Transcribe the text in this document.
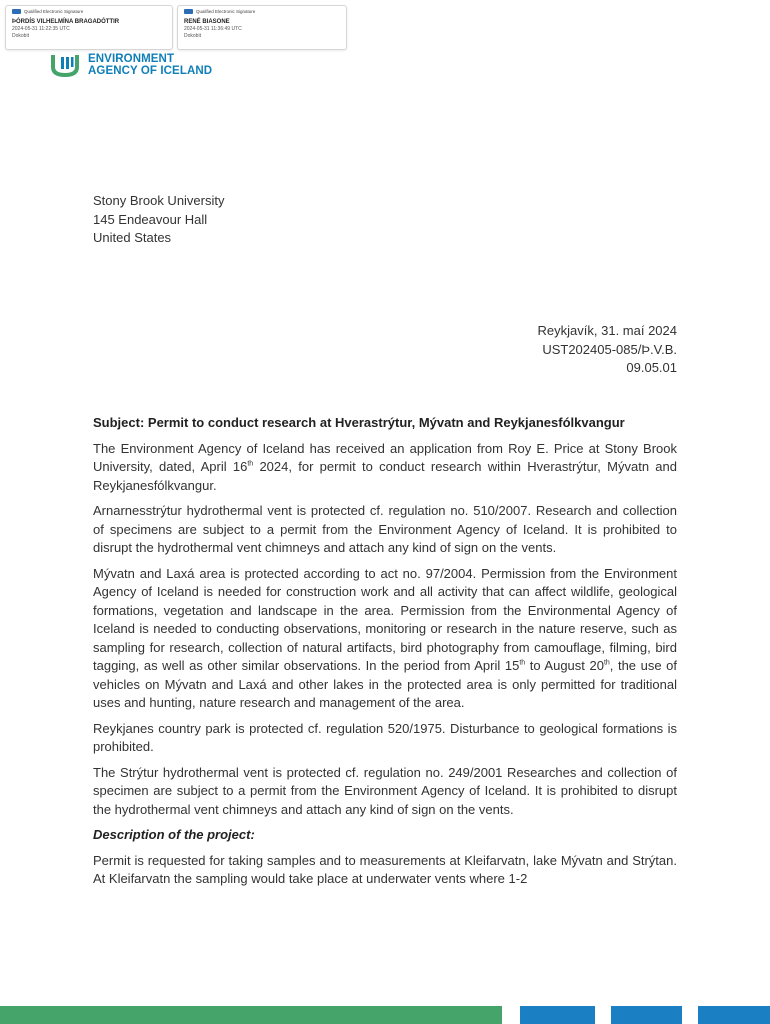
Qualified Electronic Signature
ÞÓRDÍS VILHELMÍNA BRAGADÓTTIR
2024-05-31 11:22:35 UTC
Dokobit
Qualified Electronic Signature
RENÉ BIASONE
2024-05-31 11:36:49 UTC
Dokobit
ENVIRONMENT
AGENCY OF ICELAND
Stony Brook University
145 Endeavour Hall
United States
Reykjavík, 31. maí 2024
UST202405-085/Þ.V.B.
09.05.01

Subject: Permit to conduct research at Hverastrýtur, Mývatn and Reykjanesfólkvangur

The Environment Agency of Iceland has received an application from Roy E. Price at Stony Brook University, dated, April 16th 2024, for permit to conduct research within Hverastrýtur, Mývatn and Reykjanesfólkvangur.

Arnarnesstrýtur hydrothermal vent is protected cf. regulation no. 510/2007. Research and collection of specimens are subject to a permit from the Environment Agency of Iceland. It is prohibited to disrupt the hydrothermal vent chimneys and attach any kind of sign on the vents.

Mývatn and Laxá area is protected according to act no. 97/2004. Permission from the Environment Agency of Iceland is needed for construction work and all activity that can affect wildlife, geological formations, vegetation and landscape in the area. Permission from the Environmental Agency of Iceland is needed to conducting observations, monitoring or research in the nature reserve, such as sampling for research, collection of natural artifacts, bird photography from camouflage, filming, bird tagging, as well as other similar observations. In the period from April 15th to August 20th, the use of vehicles on Mývatn and Laxá and other lakes in the protected area is only permitted for traditional uses and hunting, nature research and management of the area.

Reykjanes country park is protected cf. regulation 520/1975. Disturbance to geological formations is prohibited.

The Strýtur hydrothermal vent is protected cf. regulation no. 249/2001 Researches and collection of specimen are subject to a permit from the Environment Agency of Iceland. It is prohibited to disrupt the hydrothermal vent chimneys and attach any kind of sign on the vents.

Description of the project:

Permit is requested for taking samples and to measurements at Kleifarvatn, lake Mývatn and Strýtan. At Kleifarvatn the sampling would take place at underwater vents where 1-2
